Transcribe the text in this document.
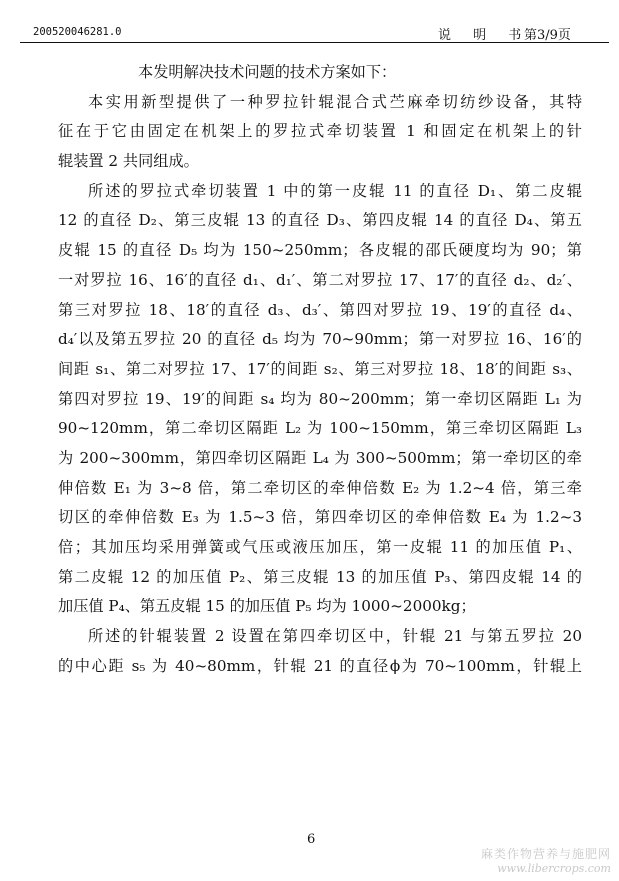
200520046281.0	说 明 书
第3/9页
本发明解决技术问题的技术方案如下：
本实用新型提供了一种罗拉针辊混合式苎麻牵切纺纱设备，其特
征在于它由固定在机架上的罗拉式牵切装置 1 和固定在机架上的针
辊装置 2 共同组成。
所述的罗拉式牵切装置 1 中的第一皮辊 11 的直径 D₁、第二皮辊
12 的直径 D₂、第三皮辊 13 的直径 D₃、第四皮辊 14 的直径 D₄、第五
皮辊 15 的直径 D₅ 均为 150~250mm；各皮辊的邵氏硬度均为 90；第
一对罗拉 16、16′的直径 d₁、d₁′、第二对罗拉 17、17′的直径 d₂、d₂′、
第三对罗拉 18、18′的直径 d₃、d₃′、第四对罗拉 19、19′的直径 d₄、
d₄′以及第五罗拉 20 的直径 d₅ 均为 70~90mm；第一对罗拉 16、16′的
间距 s₁、第二对罗拉 17、17′的间距 s₂、第三对罗拉 18、18′的间距 s₃、
第四对罗拉 19、19′的间距 s₄ 均为 80~200mm；第一牵切区隔距 L₁ 为
90~120mm，第二牵切区隔距 L₂ 为 100~150mm，第三牵切区隔距 L₃
为 200~300mm，第四牵切区隔距 L₄ 为 300~500mm；第一牵切区的牵
伸倍数 E₁ 为 3~8 倍，第二牵切区的牵伸倍数 E₂ 为 1.2~4 倍，第三牵
切区的牵伸倍数 E₃ 为 1.5~3 倍，第四牵切区的牵伸倍数 E₄ 为 1.2~3
倍；其加压均采用弹簧或气压或液压加压，第一皮辊 11 的加压值 P₁、
第二皮辊 12 的加压值 P₂、第三皮辊 13 的加压值 P₃、第四皮辊 14 的
加压值 P₄、第五皮辊 15 的加压值 P₅ 均为 1000~2000kg；
所述的针辊装置 2 设置在第四牵切区中，针辊 21 与第五罗拉 20
的中心距 s₅ 为 40~80mm，针辊 21 的直径ϕ为 70~100mm，针辊上
6
麻类作物营养与施肥网
www.libercrops.com
